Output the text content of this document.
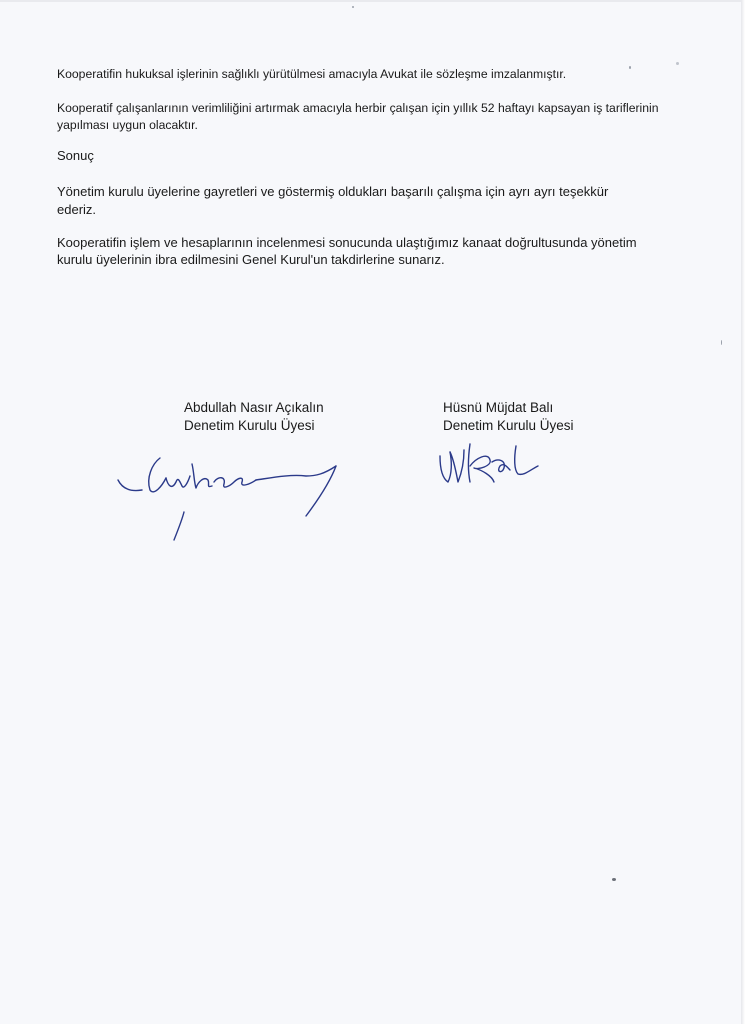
Kooperatifin hukuksal işlerinin sağlıklı yürütülmesi amacıyla Avukat ile sözleşme imzalanmıştır.

Kooperatif çalışanlarının verimliliğini artırmak amacıyla herbir çalışan için yıllık 52 haftayı kapsayan iş tariflerinin yapılması uygun olacaktır.

Sonuç

Yönetim kurulu üyelerine gayretleri ve göstermiş oldukları başarılı çalışma için ayrı ayrı teşekkür ederiz.

Kooperatifin işlem ve hesaplarının incelenmesi sonucunda ulaştığımız kanaat doğrultusunda yönetim kurulu üyelerinin ibra edilmesini Genel Kurul'un takdirlerine sunarız.

Abdullah Nasır Açıkalın
Denetim Kurulu Üyesi
Hüsnü Müjdat Balı
Denetim Kurulu Üyesi
